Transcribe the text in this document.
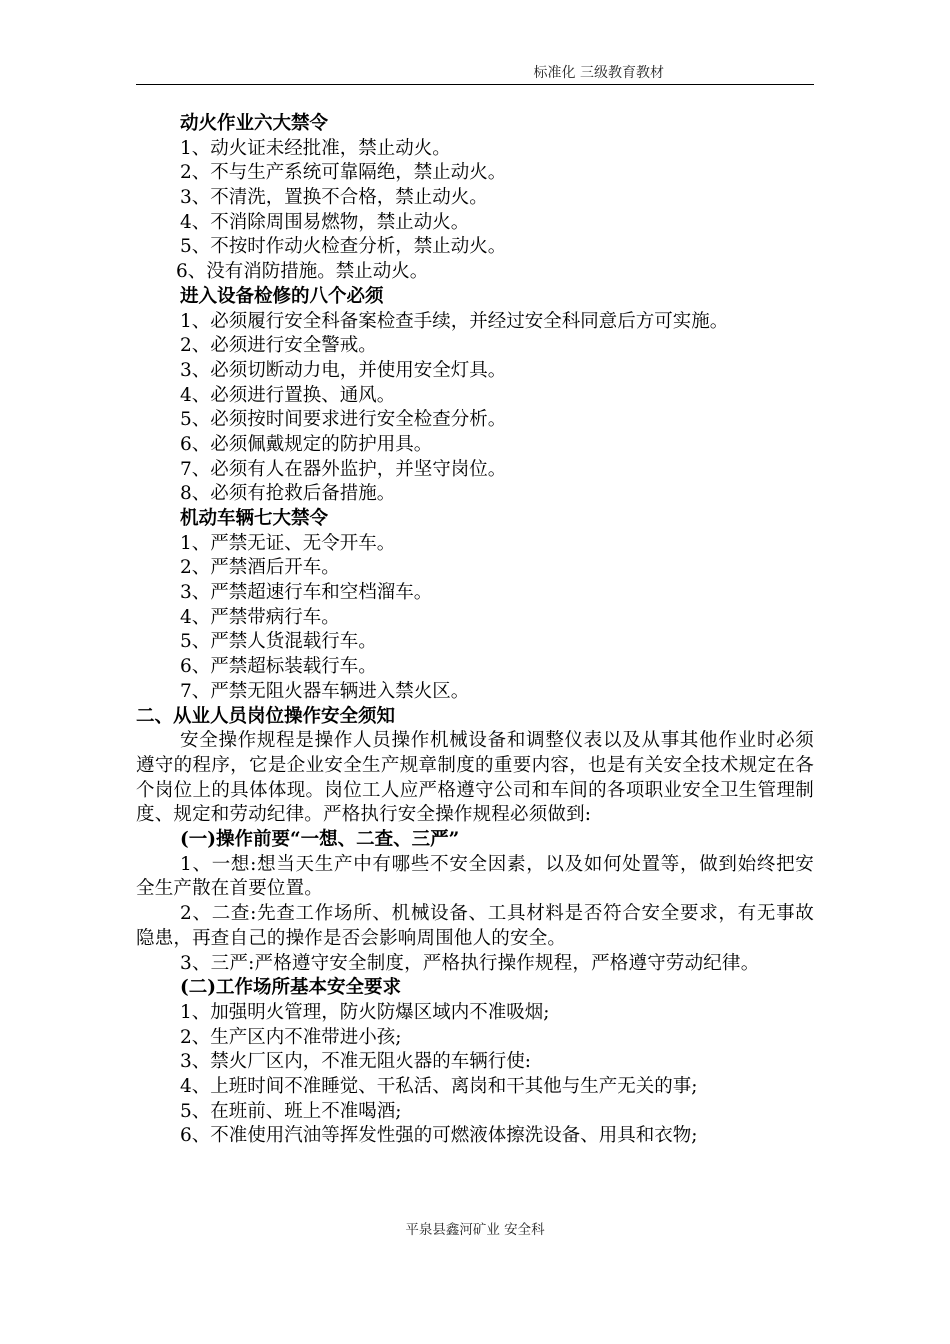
标准化 三级教育教材
动火作业六大禁令
1、动火证未经批准，禁止动火。
2、不与生产系统可靠隔绝，禁止动火。
3、不清洗，置换不合格，禁止动火。
4、不消除周围易燃物，禁止动火。
5、不按时作动火检查分析，禁止动火。
6、没有消防措施。禁止动火。
进入设备检修的八个必须
1、必须履行安全科备案检查手续，并经过安全科同意后方可实施。
2、必须进行安全警戒。
3、必须切断动力电，并使用安全灯具。
4、必须进行置换、通风。
5、必须按时间要求进行安全检查分析。
6、必须佩戴规定的防护用具。
7、必须有人在器外监护，并坚守岗位。
8、必须有抢救后备措施。
机动车辆七大禁令
1、严禁无证、无令开车。
2、严禁酒后开车。
3、严禁超速行车和空档溜车。
4、严禁带病行车。
5、严禁人货混载行车。
6、严禁超标装载行车。
7、严禁无阻火器车辆进入禁火区。
二、从业人员岗位操作安全须知

安全操作规程是操作人员操作机械设备和调整仪表以及从事其他作业时必须遵守的程序，它是企业安全生产规章制度的重要内容，也是有关安全技术规定在各个岗位上的具体体现。岗位工人应严格遵守公司和车间的各项职业安全卫生管理制度、规定和劳动纪律。严格执行安全操作规程必须做到:

(一)操作前要“一想、二查、三严”

1、一想:想当天生产中有哪些不安全因素，以及如何处置等，做到始终把安全生产散在首要位置。

2、二查:先查工作场所、机械设备、工具材料是否符合安全要求，有无事故隐患，再查自己的操作是否会影响周围他人的安全。

3、三严:严格遵守安全制度，严格执行操作规程，严格遵守劳动纪律。

(二)工作场所基本安全要求
1、加强明火管理，防火防爆区域内不准吸烟;
2、生产区内不准带进小孩;
3、禁火厂区内，不准无阻火器的车辆行使:
4、上班时间不准睡觉、干私活、离岗和干其他与生产无关的事;
5、在班前、班上不准喝酒;
6、不准使用汽油等挥发性强的可燃液体擦洗设备、用具和衣物;
平泉县鑫河矿业 安全科
